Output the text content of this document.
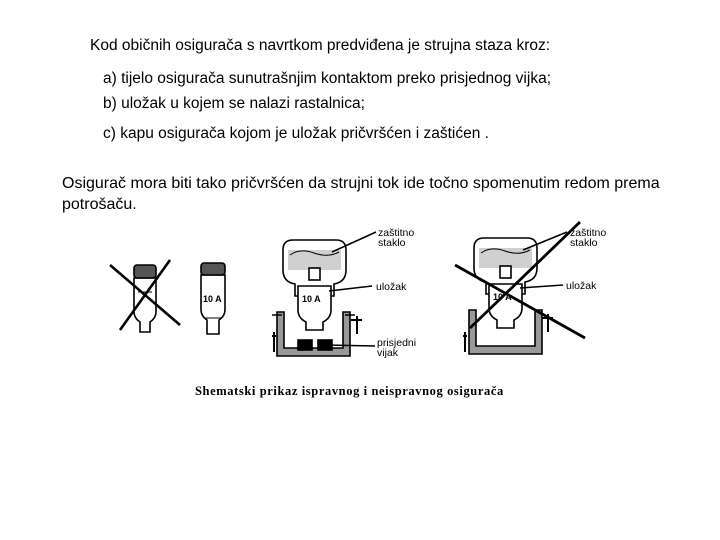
Kod običnih osigurača s navrtkom predviđena je strujna staza kroz:
a) tijelo osigurača sunutrašnjim kontaktom preko prisjednog vijka;
b) uložak u kojem se nalazi rastalnica;
c) kapu osigurača kojom je uložak pričvršćen i zaštićen .
Osigurač mora biti tako pričvršćen da strujni tok ide točno spomenutim redom prema potrošaču.
10 A	10 A
zaštitno
staklo
uložak
prisjedni
vijak
10 A
zaštitno
staklo
uložak
Shematski prikaz ispravnog i neispravnog osigurača
